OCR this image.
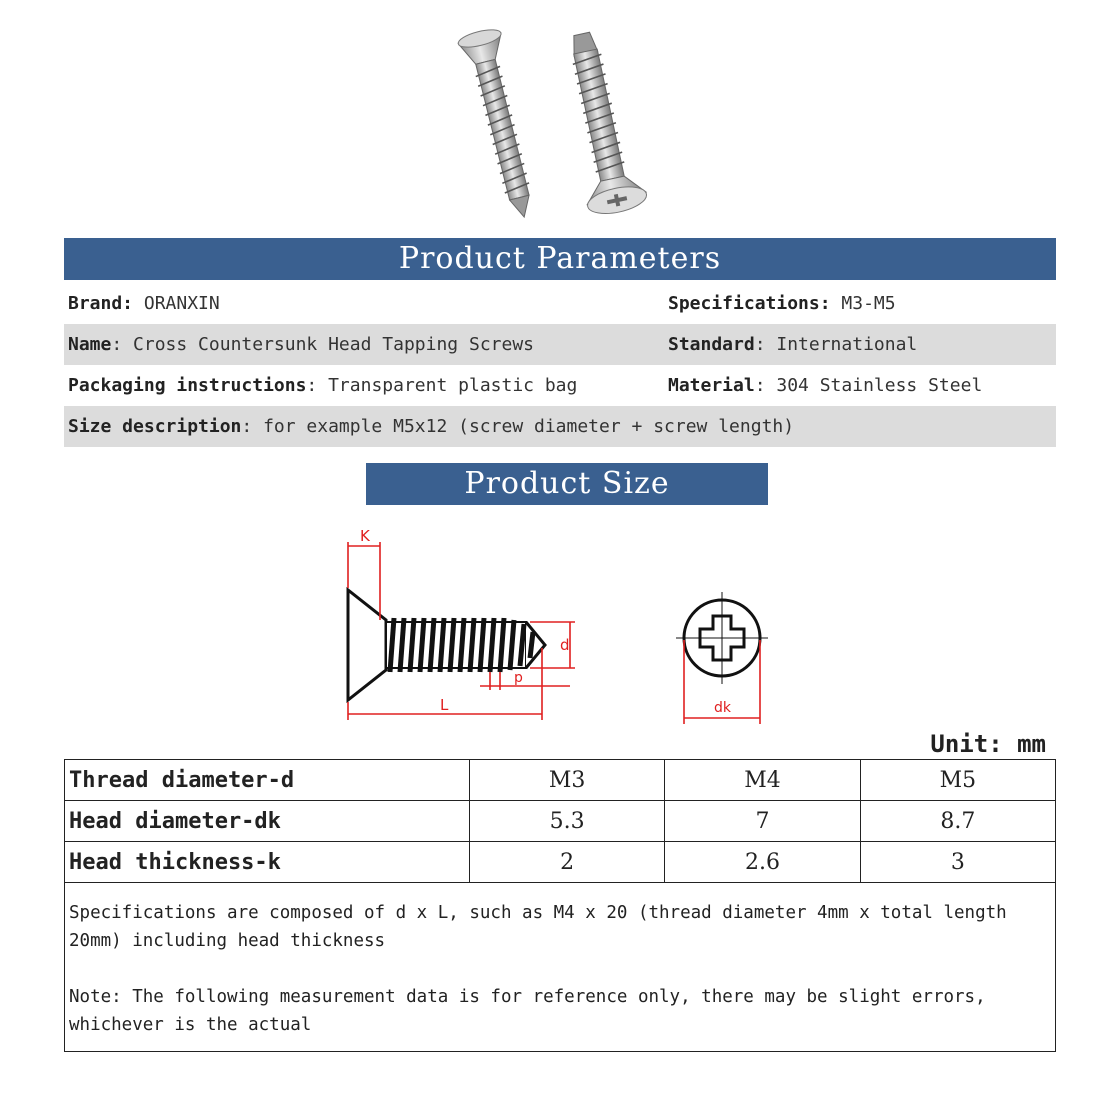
Product Parameters
Brand: ORANXIN	Specifications: M3-M5
Name: Cross Countersunk Head Tapping Screws	Standard: International
Packaging instructions: Transparent plastic bag	Material: 304 Stainless Steel
Size description: for example M5x12 (screw diameter + screw length)
Product Size
K
L
d
p
dk
Unit: mm
Thread diameter-d	M3	M4	M5
Head diameter-dk	5.3	7	8.7
Head thickness-k	2	2.6	3

Specifications are composed of d x L, such as M4 x 20 (thread diameter 4mm x total length 20mm) including head thickness

Note: The following measurement data is for reference only, there may be slight errors, whichever is the actual			
